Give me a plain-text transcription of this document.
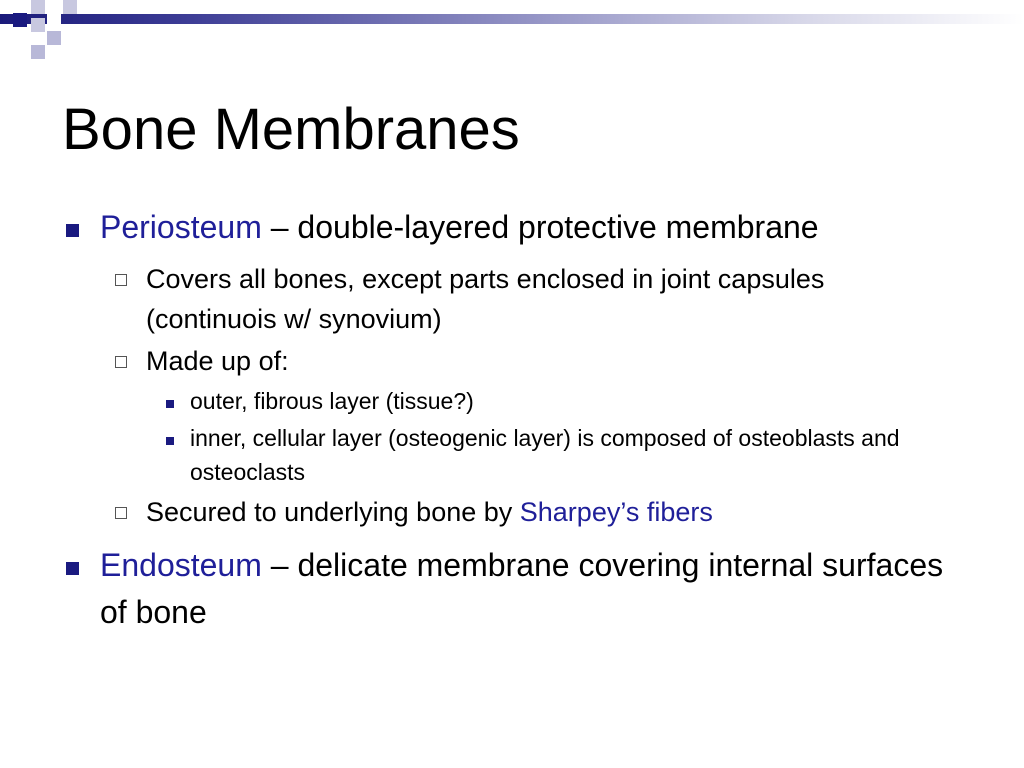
Bone Membranes
Periosteum – double-layered protective membrane
Covers all bones, except parts enclosed in joint capsules (continuois w/ synovium)
Made up of:
outer, fibrous layer (tissue?)
inner, cellular layer (osteogenic layer) is composed of osteoblasts and osteoclasts
Secured to underlying bone by Sharpey’s fibers
Endosteum – delicate membrane covering internal surfaces of bone
